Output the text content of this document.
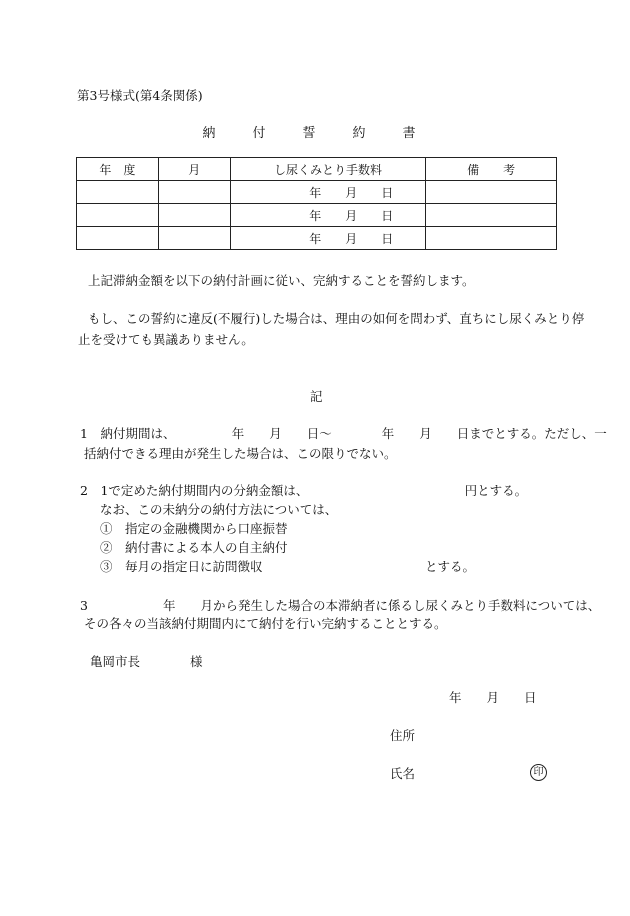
第3号様式(第4条関係)
納　付　誓　約　書
年　度	月	し尿くみとり手数料	備　　考
		年　　月　　日	
		年　　月　　日	
		年　　月　　日	
上記滞納金額を以下の納付計画に従い、完納することを誓約します。
もし、この誓約に違反(不履行)した場合は、理由の如何を問わず、直ちにし尿くみとり停
止を受けても異議ありません。
記
1　納付期間は、　　　　　年　　月　　日～　　　　年　　月　　日までとする。ただし、一
括納付できる理由が発生した場合は、この限りでない。
2　1で定めた納付期間内の分納金額は、　　　　　　　　　　　　　円とする。
なお、この未納分の納付方法については、
①　指定の金融機関から口座振替
②　納付書による本人の自主納付
③　毎月の指定日に訪問徴収　　　　　　　　　　　　　とする。
3　　　　　　年　　月から発生した場合の本滞納者に係るし尿くみとり手数料については、
その各々の当該納付期間内にて納付を行い完納することとする。
亀岡市長　　　　様
年　　月　　日
住所
氏名	印
